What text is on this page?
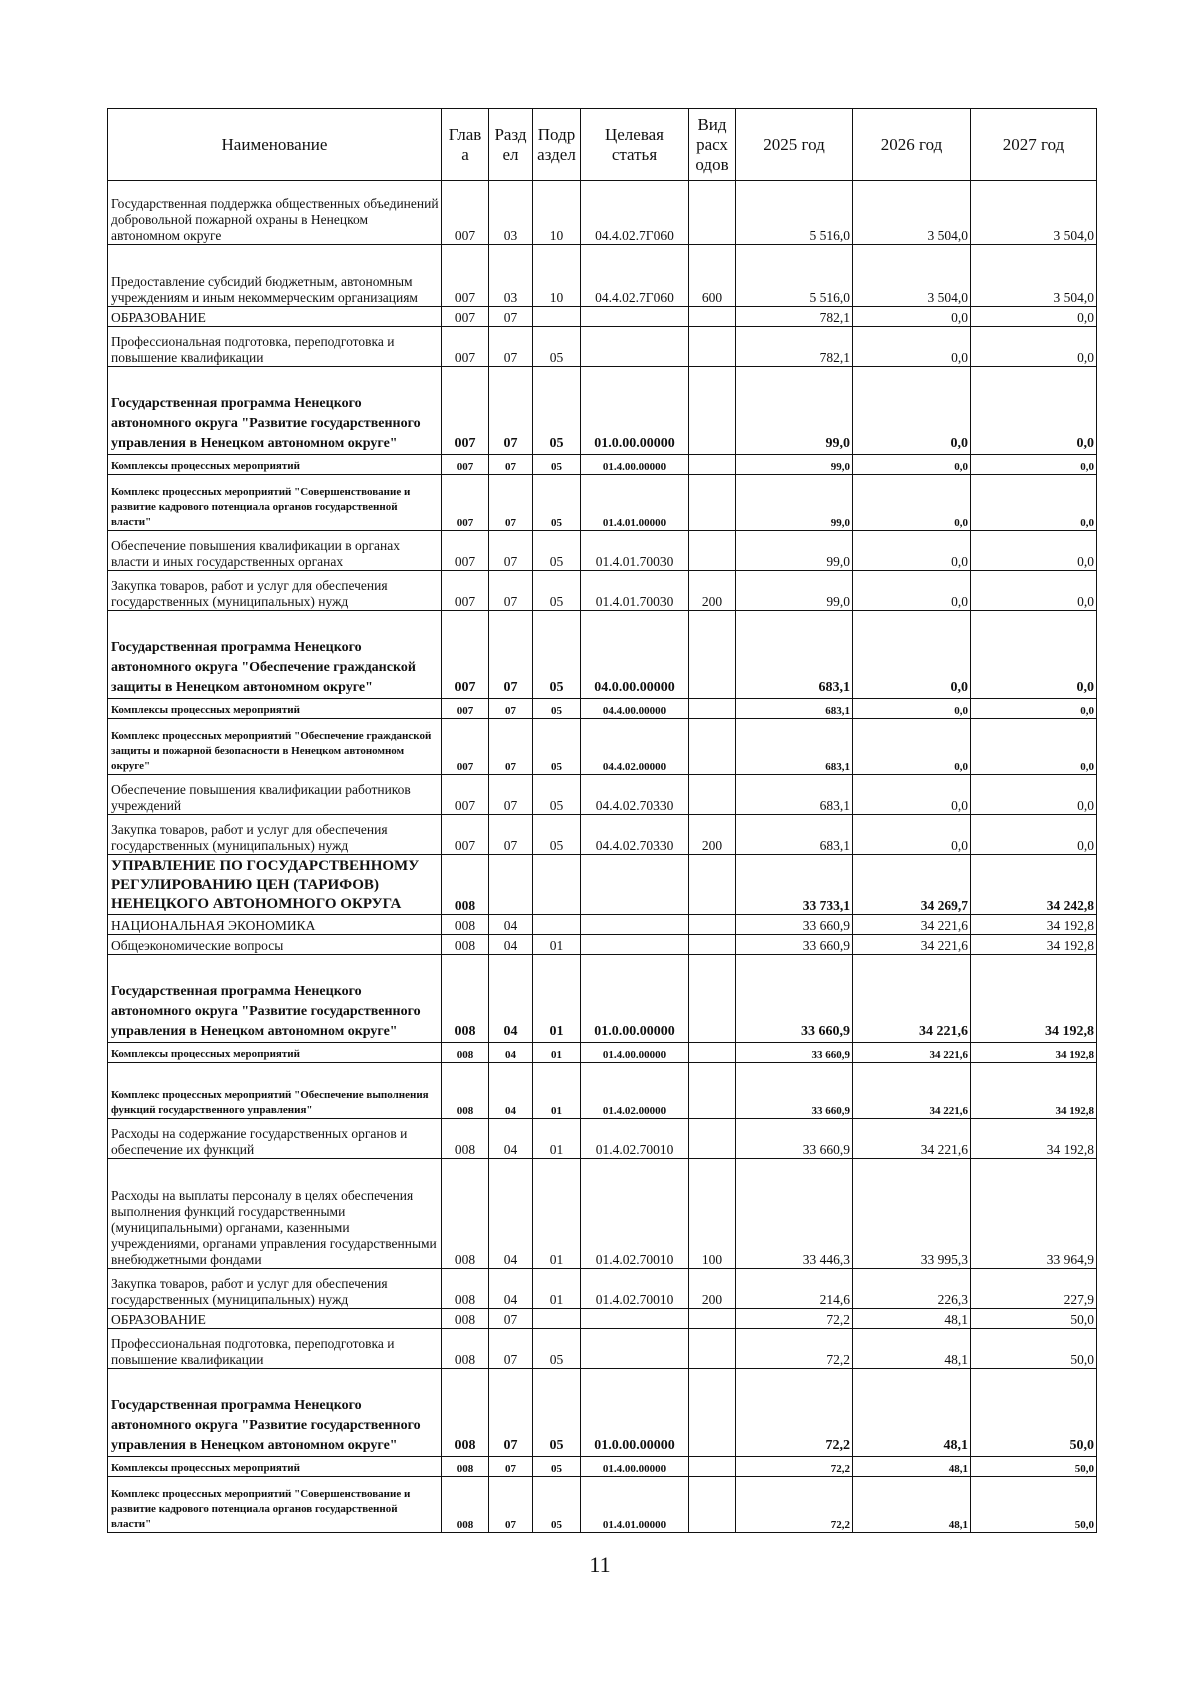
Наименование	Глав а	Разд ел	Подр аздел	Целевая статья	Вид расх одов	2025 год	2026 год	2027 год
Государственная поддержка общественных объединений добровольной пожарной охраны в Ненецком автономном округе	007	03	10	04.4.02.7Г060		5 516,0	3 504,0	3 504,0
Предоставление субсидий бюджетным, автономным учреждениям и иным некоммерческим организациям	007	03	10	04.4.02.7Г060	600	5 516,0	3 504,0	3 504,0
ОБРАЗОВАНИЕ	007	07				782,1	0,0	0,0
Профессиональная подготовка, переподготовка и повышение квалификации	007	07	05			782,1	0,0	0,0
Государственная программа Ненецкого автономного округа "Развитие государственного управления в Ненецком автономном округе"	007	07	05	01.0.00.00000		99,0	0,0	0,0
Комплексы процессных мероприятий	007	07	05	01.4.00.00000		99,0	0,0	0,0
Комплекс процессных мероприятий "Совершенствование и развитие кадрового потенциала органов государственной власти"	007	07	05	01.4.01.00000		99,0	0,0	0,0
Обеспечение повышения квалификации в органах власти и иных государственных органах	007	07	05	01.4.01.70030		99,0	0,0	0,0
Закупка товаров, работ и услуг для обеспечения государственных (муниципальных) нужд	007	07	05	01.4.01.70030	200	99,0	0,0	0,0
Государственная программа Ненецкого автономного округа "Обеспечение гражданской защиты в Ненецком автономном округе"	007	07	05	04.0.00.00000		683,1	0,0	0,0
Комплексы процессных мероприятий	007	07	05	04.4.00.00000		683,1	0,0	0,0
Комплекс процессных мероприятий "Обеспечение гражданской защиты и пожарной безопасности в Ненецком автономном округе"	007	07	05	04.4.02.00000		683,1	0,0	0,0
Обеспечение повышения квалификации работников учреждений	007	07	05	04.4.02.70330		683,1	0,0	0,0
Закупка товаров, работ и услуг для обеспечения государственных (муниципальных) нужд	007	07	05	04.4.02.70330	200	683,1	0,0	0,0
УПРАВЛЕНИЕ ПО ГОСУДАРСТВЕННОМУ РЕГУЛИРОВАНИЮ ЦЕН (ТАРИФОВ) НЕНЕЦКОГО АВТОНОМНОГО ОКРУГА	008					33 733,1	34 269,7	34 242,8
НАЦИОНАЛЬНАЯ ЭКОНОМИКА	008	04				33 660,9	34 221,6	34 192,8
Общеэкономические вопросы	008	04	01			33 660,9	34 221,6	34 192,8
Государственная программа Ненецкого автономного округа "Развитие государственного управления в Ненецком автономном округе"	008	04	01	01.0.00.00000		33 660,9	34 221,6	34 192,8
Комплексы процессных мероприятий	008	04	01	01.4.00.00000		33 660,9	34 221,6	34 192,8
Комплекс процессных мероприятий "Обеспечение выполнения функций государственного управления"	008	04	01	01.4.02.00000		33 660,9	34 221,6	34 192,8
Расходы на содержание государственных органов и обеспечение их функций	008	04	01	01.4.02.70010		33 660,9	34 221,6	34 192,8
Расходы на выплаты персоналу в целях обеспечения выполнения функций государственными (муниципальными) органами, казенными учреждениями, органами управления государственными внебюджетными фондами	008	04	01	01.4.02.70010	100	33 446,3	33 995,3	33 964,9
Закупка товаров, работ и услуг для обеспечения государственных (муниципальных) нужд	008	04	01	01.4.02.70010	200	214,6	226,3	227,9
ОБРАЗОВАНИЕ	008	07				72,2	48,1	50,0
Профессиональная подготовка, переподготовка и повышение квалификации	008	07	05			72,2	48,1	50,0
Государственная программа Ненецкого автономного округа "Развитие государственного управления в Ненецком автономном округе"	008	07	05	01.0.00.00000		72,2	48,1	50,0
Комплексы процессных мероприятий	008	07	05	01.4.00.00000		72,2	48,1	50,0
Комплекс процессных мероприятий "Совершенствование и развитие кадрового потенциала органов государственной власти"	008	07	05	01.4.01.00000		72,2	48,1	50,0
11
